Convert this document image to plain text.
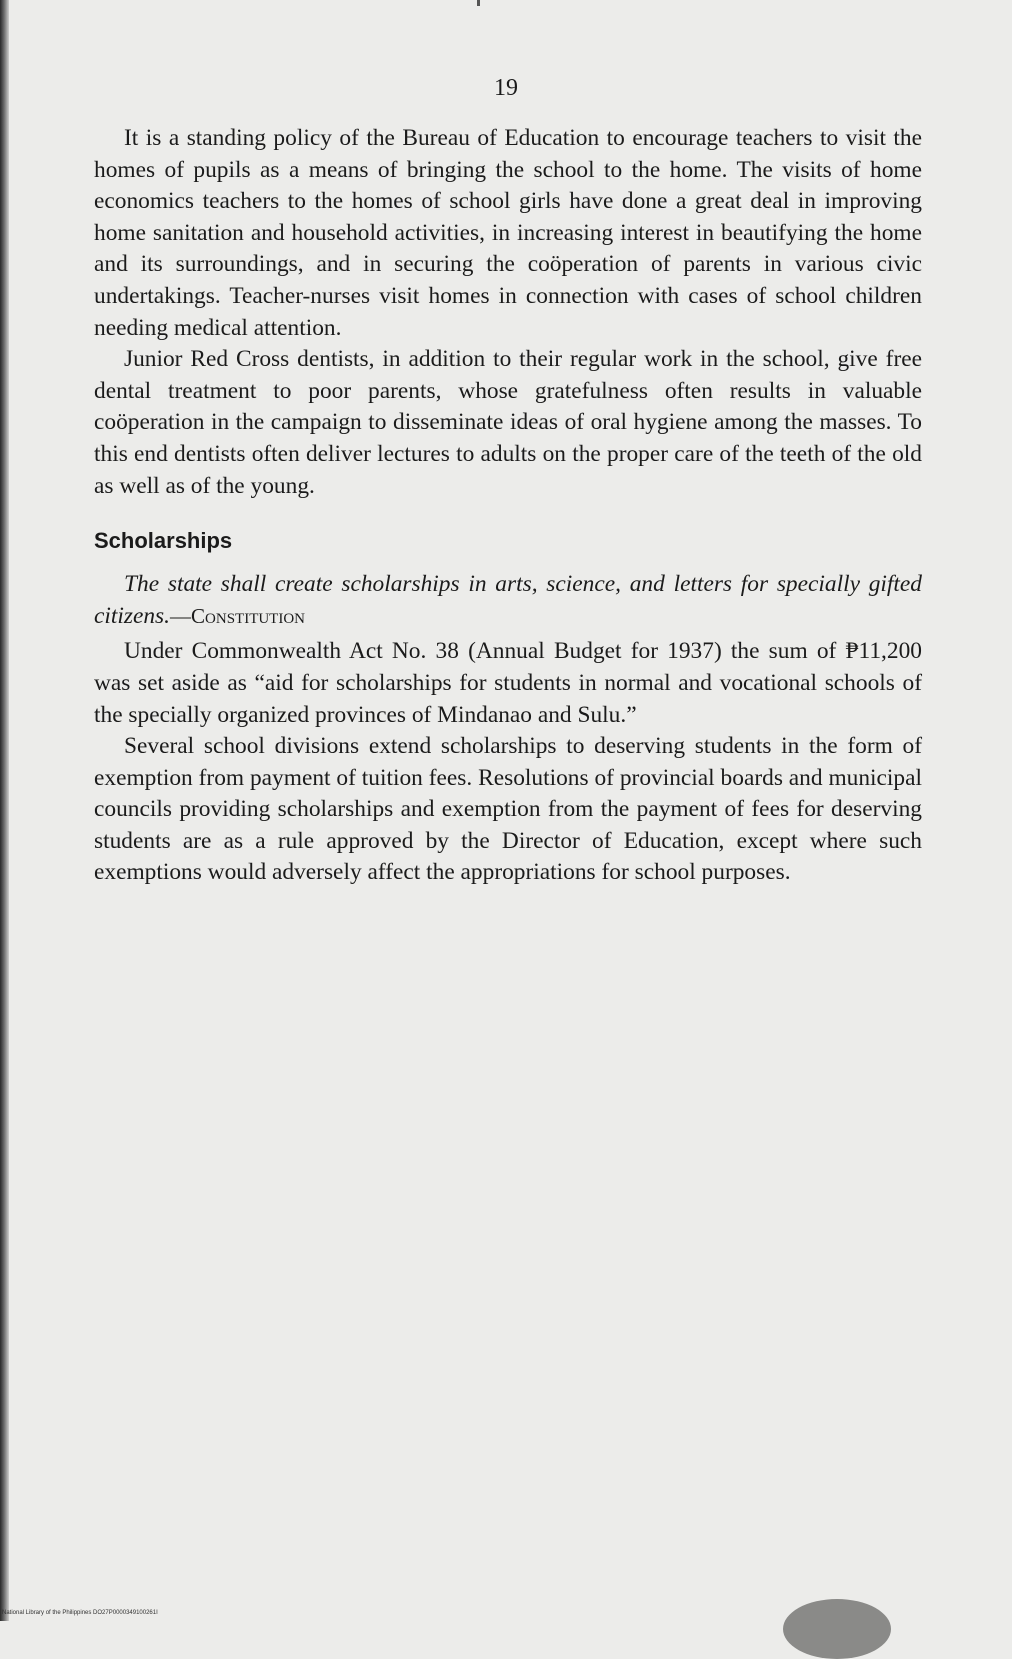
19

It is a standing policy of the Bureau of Education to encourage teachers to visit the homes of pupils as a means of bringing the school to the home. The visits of home economics teachers to the homes of school girls have done a great deal in improving home sanitation and household activities, in increasing interest in beautifying the home and its surroundings, and in securing the coöperation of parents in various civic undertakings. Teacher-nurses visit homes in connection with cases of school children needing medical attention.

Junior Red Cross dentists, in addition to their regular work in the school, give free dental treatment to poor parents, whose gratefulness often results in valuable coöperation in the campaign to disseminate ideas of oral hygiene among the masses. To this end dentists often deliver lectures to adults on the proper care of the teeth of the old as well as of the young.

Scholarships

The state shall create scholarships in arts, science, and letters for specially gifted citizens.—Constitution

Under Commonwealth Act No. 38 (Annual Budget for 1937) the sum of ₱11,200 was set aside as “aid for scholarships for students in normal and vocational schools of the specially organized provinces of Mindanao and Sulu.”

Several school divisions extend scholarships to deserving students in the form of exemption from payment of tuition fees. Resolutions of provincial boards and municipal councils providing scholarships and exemption from the payment of fees for deserving students are as a rule approved by the Director of Education, except where such exemptions would adversely affect the appropriations for school purposes.

National Library of the Philippines DO27P0000349100261I
